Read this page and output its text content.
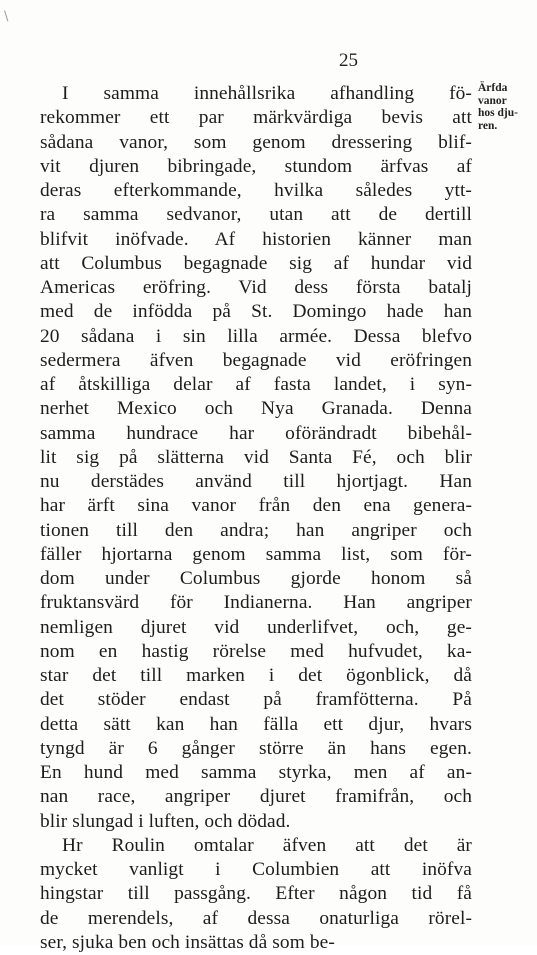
\
25
I samma innehållsrika afhandling fö-
rekommer ett par märkvärdiga bevis att
sådana vanor, som genom dressering blif-
vit djuren bibringade, stundom ärfvas af
deras efterkommande, hvilka således ytt-
ra samma sedvanor, utan att de dertill
blifvit inöfvade. Af historien känner man
att Columbus begagnade sig af hundar vid
Americas eröfring. Vid dess första batalj
med de infödda på St. Domingo hade han
20 sådana i sin lilla armée. Dessa blefvo
sedermera äfven begagnade vid eröfringen
af åtskilliga delar af fasta landet, i syn-
nerhet Mexico och Nya Granada. Denna
samma hundrace har oförändradt bibehål-
lit sig på slätterna vid Santa Fé, och blir
nu derstädes använd till hjortjagt. Han
har ärft sina vanor från den ena genera-
tionen till den andra; han angriper och
fäller hjortarna genom samma list, som för-
dom under Columbus gjorde honom så
fruktansvärd för Indianerna. Han angriper
nemligen djuret vid underlifvet, och, ge-
nom en hastig rörelse med hufvudet, ka-
star det till marken i det ögonblick, då
det stöder endast på framfötterna. På
detta sätt kan han fälla ett djur, hvars
tyngd är 6 gånger större än hans egen.
En hund med samma styrka, men af an-
nan race, angriper djuret framifrån, och
blir slungad i luften, och dödad.
Hr Roulin omtalar äfven att det är
mycket vanligt i Columbien att inöfva
hingstar till passgång. Efter någon tid få
de merendels, af dessa onaturliga rörel-
ser, sjuka ben och insättas då som be-
Ärfda
vanor
hos dju-
ren.
